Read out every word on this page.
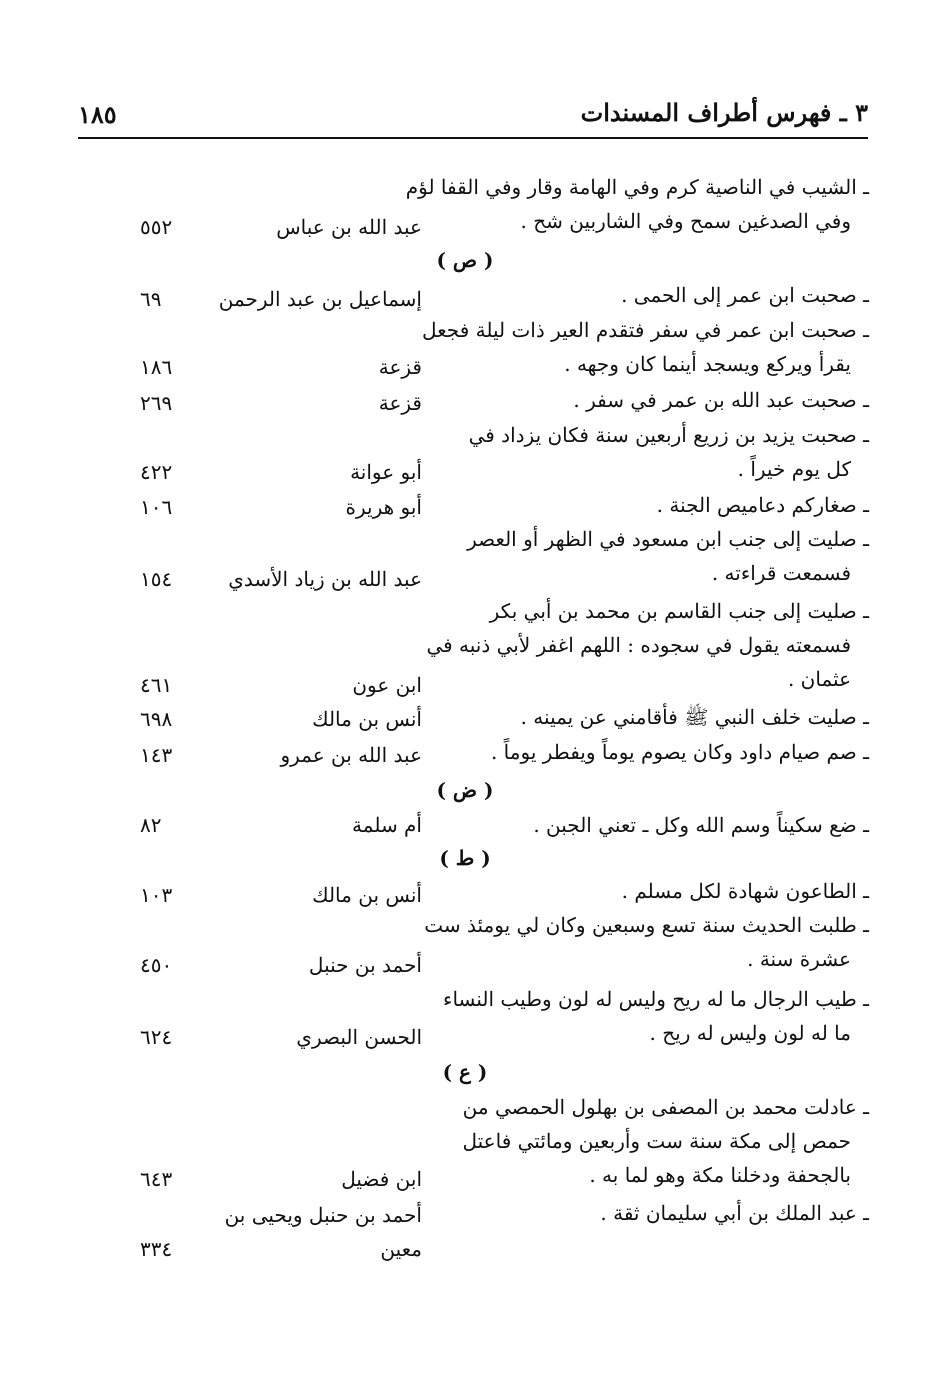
٣ ـ فهرس أطراف المسندات
١٨٥
ـ الشيب في الناصية كرم وفي الهامة وقار وفي القفا لؤم
وفي الصدغين سمح وفي الشاربين شح .
عبد الله بن عباس
٥٥٢
( ص )
ـ صحبت ابن عمر إلى الحمى .
إسماعيل بن عبد الرحمن
٦٩
ـ صحبت ابن عمر في سفر فتقدم العير ذات ليلة فجعل
يقرأ ويركع ويسجد أينما كان وجهه .
قزعة
١٨٦
ـ صحبت عبد الله بن عمر في سفر .
قزعة
٢٦٩
ـ صحبت يزيد بن زريع أربعين سنة فكان يزداد في
كل يوم خيراً .
أبو عوانة
٤٢٢
ـ صغاركم دعاميص الجنة .
أبو هريرة
١٠٦
ـ صليت إلى جنب ابن مسعود في الظهر أو العصر
فسمعت قراءته .
عبد الله بن زياد الأسدي
١٥٤
ـ صليت إلى جنب القاسم بن محمد بن أبي بكر
فسمعته يقول في سجوده : اللهم اغفر لأبي ذنبه في
عثمان .
ابن عون
٤٦١
ـ صليت خلف النبي ﷺ فأقامني عن يمينه .
أنس بن مالك
٦٩٨
ـ صم صيام داود وكان يصوم يوماً ويفطر يوماً .
عبد الله بن عمرو
١٤٣
( ض )
ـ ضع سكيناً وسم الله وكل ـ تعني الجبن .
أم سلمة
٨٢
( ط )
ـ الطاعون شهادة لكل مسلم .
أنس بن مالك
١٠٣
ـ طلبت الحديث سنة تسع وسبعين وكان لي يومئذ ست
عشرة سنة .
أحمد بن حنبل
٤٥٠
ـ طيب الرجال ما له ريح وليس له لون وطيب النساء
ما له لون وليس له ريح .
الحسن البصري
٦٢٤
( ع )
ـ عادلت محمد بن المصفى بن بهلول الحمصي من
حمص إلى مكة سنة ست وأربعين ومائتي فاعتل
بالجحفة ودخلنا مكة وهو لما به .
ابن فضيل
٦٤٣
ـ عبد الملك بن أبي سليمان ثقة .
أحمد بن حنبل ويحيى بن
معين
٣٣٤
